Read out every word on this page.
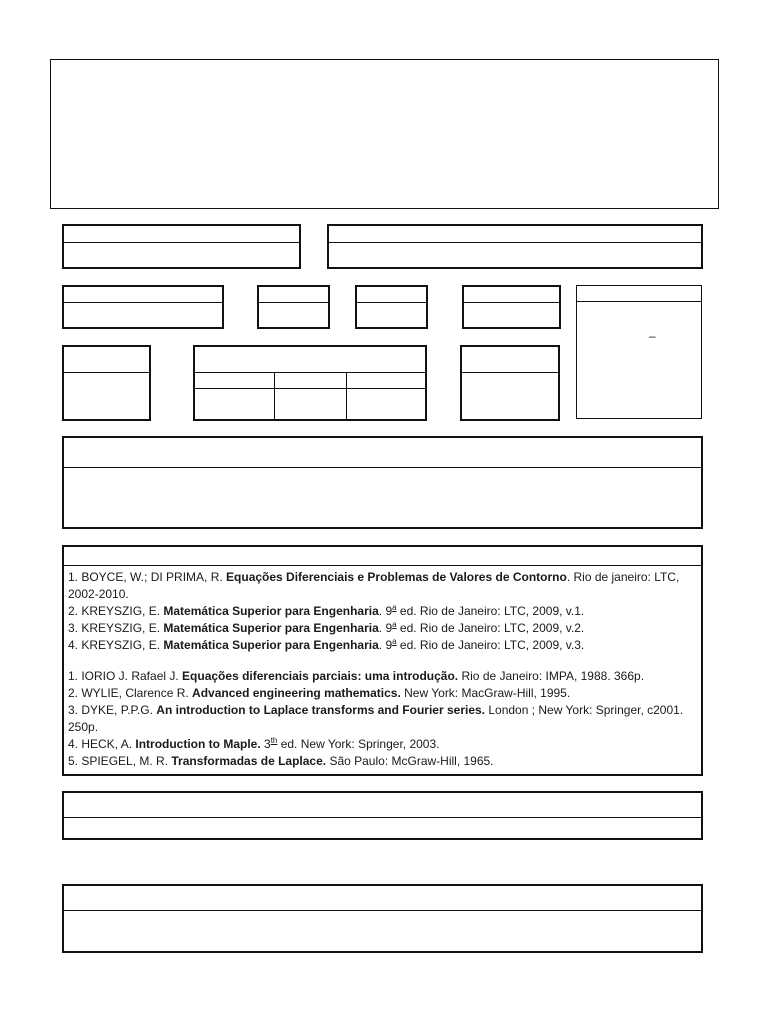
–
1. BOYCE, W.; DI PRIMA, R. Equações Diferenciais e Problemas de Valores de Contorno. Rio de janeiro: LTC, 2002-2010.
2. KREYSZIG, E. Matemática Superior para Engenharia. 9$^a$ ed. Rio de Janeiro: LTC, 2009, v.1.
3. KREYSZIG, E. Matemática Superior para Engenharia. 9$^a$ ed. Rio de Janeiro: LTC, 2009, v.2.
4. KREYSZIG, E. Matemática Superior para Engenharia. 9$^a$ ed. Rio de Janeiro: LTC, 2009, v.3.
1. IORIO J. Rafael J. Equações diferenciais parciais: uma introdução. Rio de Janeiro: IMPA, 1988. 366p.
2. WYLIE, Clarence R. Advanced engineering mathematics. New York: MacGraw-Hill, 1995.
3. DYKE, P.P.G. An introduction to Laplace transforms and Fourier series. London ; New York: Springer, c2001. 250p.
4. HECK, A. Introduction to Maple. 3th ed. New York: Springer, 2003.
5. SPIEGEL, M. R. Transformadas de Laplace. São Paulo: McGraw-Hill, 1965.
